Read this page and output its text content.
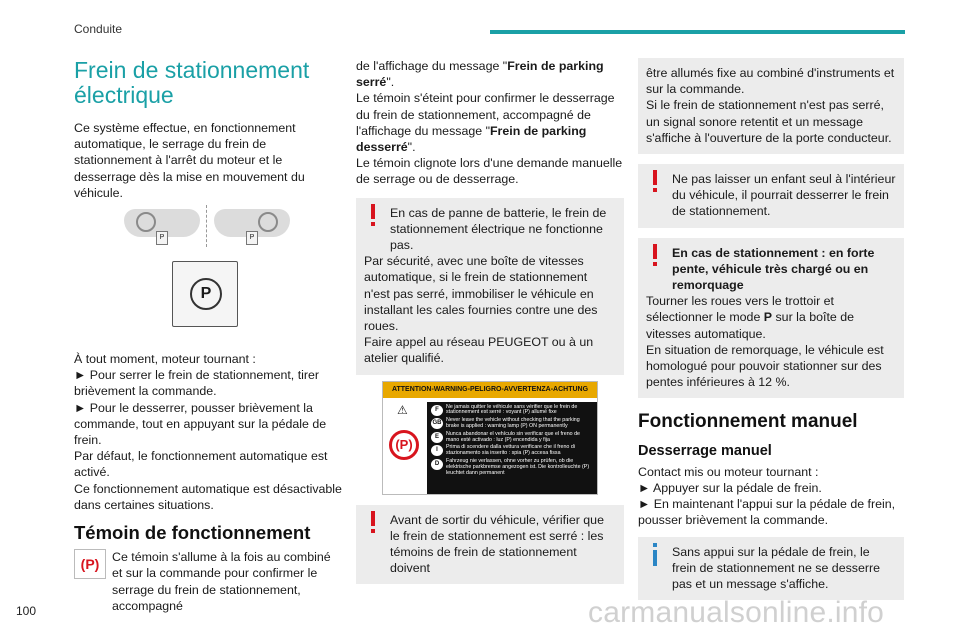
Conduite
Frein de stationnement électrique

Ce système effectue, en fonctionnement automatique, le serrage du frein de stationnement à l'arrêt du moteur et le desserrage dès la mise en mouvement du véhicule.

P	P
P

À tout moment, moteur tournant :

► Pour serrer le frein de stationnement, tirer brièvement la commande.

► Pour le desserrer, pousser brièvement la commande, tout en appuyant sur la pédale de frein.

Par défaut, le fonctionnement automatique est activé.

Ce fonctionnement automatique est désactivable dans certaines situations.

Témoin de fonctionnement
(P)	Ce témoin s'allume à la fois au combiné et sur la commande pour confirmer le serrage du frein de stationnement, accompagné

de l'affichage du message "Frein de parking serré".

Le témoin s'éteint pour confirmer le desserrage du frein de stationnement, accompagné de l'affichage du message "Frein de parking desserré".

Le témoin clignote lors d'une demande manuelle de serrage ou de desserrage.

En cas de panne de batterie, le frein de stationnement électrique ne fonctionne pas.

Par sécurité, avec une boîte de vitesses automatique, si le frein de stationnement n'est pas serré, immobiliser le véhicule en installant les cales fournies contre une des roues.

Faire appel au réseau PEUGEOT ou à un atelier qualifié.

ATTENTION-WARNING-PELIGRO-AVVERTENZA-ACHTUNG
⚠
(P)
F	Ne jamais quitter le véhicule sans vérifier que le frein de stationnement est serré : voyant (P) allumé fixe
GB Never leave the vehicle without checking that the parking brake is applied : warning lamp (P) ON permanently
E	Nunca abandonar el vehículo sin verificar que el freno de mano esté activado : luz (P) encendida y fija
I	Prima di scendere dalla vettura verificare che il freno di stazionamento sia inserito : spia (P) accesa fissa
D	Fahrzeug nie verlassen, ohne vorher zu prüfen, ob die elektrische parkbremse angezogen ist. Die kontrolleuchte (P) leuchtet dann permanent

Avant de sortir du véhicule, vérifier que le frein de stationnement est serré : les témoins de frein de stationnement doivent

être allumés fixe au combiné d'instruments et sur la commande.

Si le frein de stationnement n'est pas serré, un signal sonore retentit et un message s'affiche à l'ouverture de la porte conducteur.

Ne pas laisser un enfant seul à l'intérieur du véhicule, il pourrait desserrer le frein de stationnement.

En cas de stationnement : en forte pente, véhicule très chargé ou en remorquage

Tourner les roues vers le trottoir et sélectionner le mode P sur la boîte de vitesses automatique.

En situation de remorquage, le véhicule est homologué pour pouvoir stationner sur des pentes inférieures à 12 %.

Fonctionnement manuel
Desserrage manuel

Contact mis ou moteur tournant :

► Appuyer sur la pédale de frein.

► En maintenant l'appui sur la pédale de frein, pousser brièvement la commande.

Sans appui sur la pédale de frein, le frein de stationnement ne se desserre pas et un message s'affiche.

100	carmanualsonline.info
